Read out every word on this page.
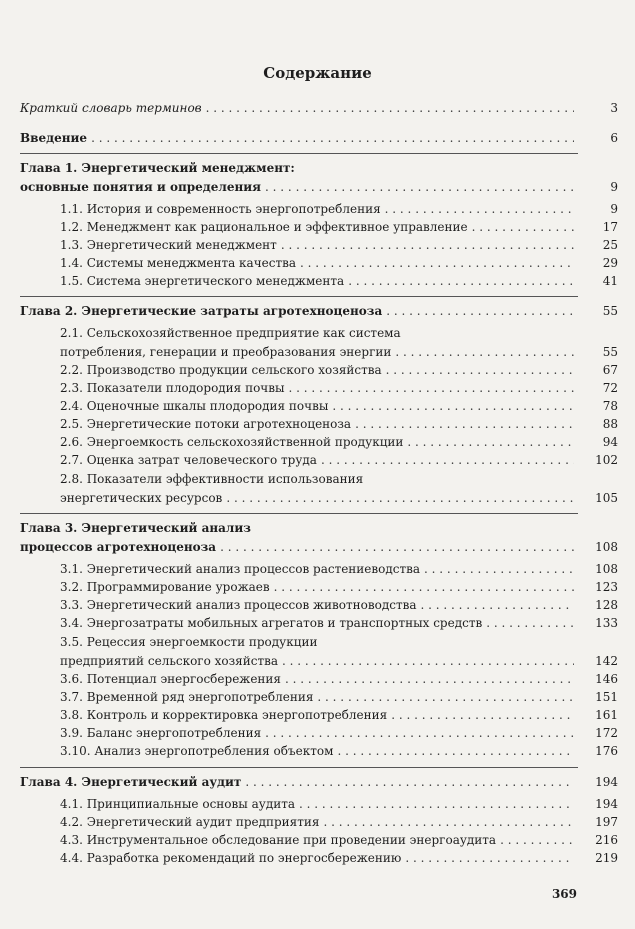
Содержание
Краткий словарь терминов . . .	3
Введение . . .	6
Глава 1. Энергетический менеджмент:
основные понятия и определения . . .	9
1.1. История и современность энергопотребления . . .	9
1.2. Менеджмент как рациональное и эффективное управление . . .	17
1.3. Энергетический менеджмент . . .	25
1.4. Системы менеджмента качества . . .	29
1.5. Система энергетического менеджмента . . .	41
Глава 2. Энергетические затраты агротехноценоза . . .	55
2.1. Сельскохозяйственное предприятие как система
потребления, генерации и преобразования энергии . . .	55
2.2. Производство продукции сельского хозяйства . . .	67
2.3. Показатели плодородия почвы . . .	72
2.4. Оценочные шкалы плодородия почвы . . .	78
2.5. Энергетические потоки агротехноценоза . . .	88
2.6. Энергоемкость сельскохозяйственной продукции . . .	94
2.7. Оценка затрат человеческого труда . . .	102
2.8. Показатели эффективности использования
энергетических ресурсов . . .	105
Глава 3. Энергетический анализ
процессов агротехноценоза . . .	108
3.1. Энергетический анализ процессов растениеводства . . .	108
3.2. Программирование урожаев . . .	123
3.3. Энергетический анализ процессов животноводства . . .	128
3.4. Энергозатраты мобильных агрегатов и транспортных средств . . .	133
3.5. Рецессия энергоемкости продукции
предприятий сельского хозяйства . . .	142
3.6. Потенциал энергосбережения . . .	146
3.7. Временной ряд энергопотребления . . .	151
3.8. Контроль и корректировка энергопотребления . . .	161
3.9. Баланс энергопотребления . . .	172
3.10. Анализ энергопотребления объектом . . .	176
Глава 4. Энергетический аудит . . .	194
4.1. Принципиальные основы аудита . . .	194
4.2. Энергетический аудит предприятия . . .	197
4.3. Инструментальное обследование при проведении энергоаудита . . .	216
4.4. Разработка рекомендаций по энергосбережению . . .	219
369
